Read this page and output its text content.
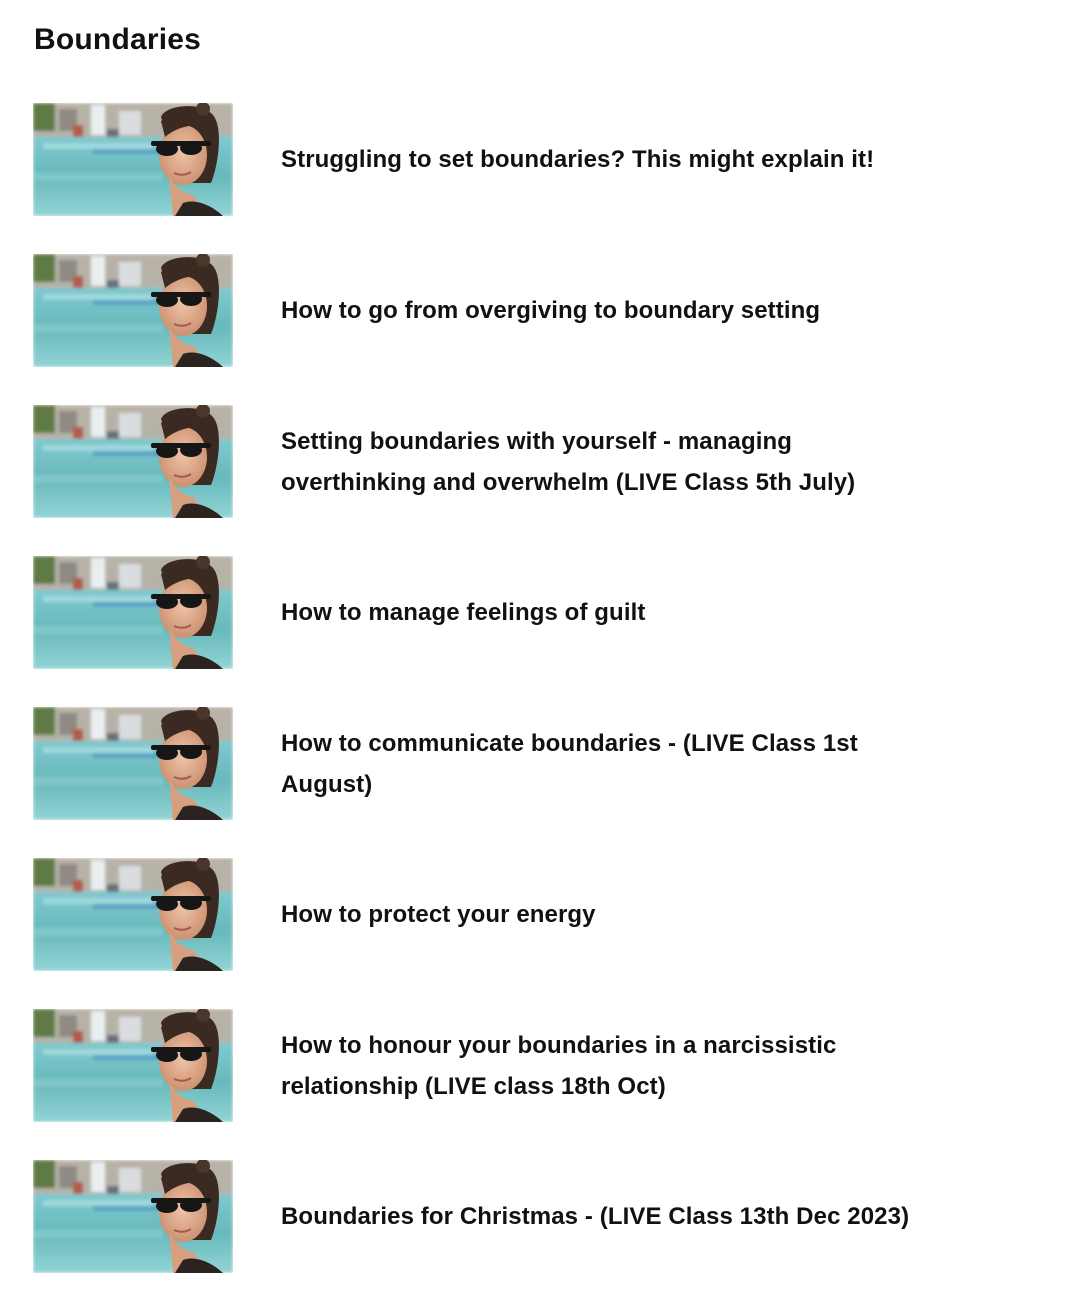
Boundaries
Struggling to set boundaries? This might explain it!
How to go from overgiving to boundary setting
Setting boundaries with yourself - managing overthinking and overwhelm (LIVE Class 5th July)
How to manage feelings of guilt
How to communicate boundaries - (LIVE Class 1st August)
How to protect your energy
How to honour your boundaries in a narcissistic relationship (LIVE class 18th Oct)
Boundaries for Christmas - (LIVE Class 13th Dec 2023)
